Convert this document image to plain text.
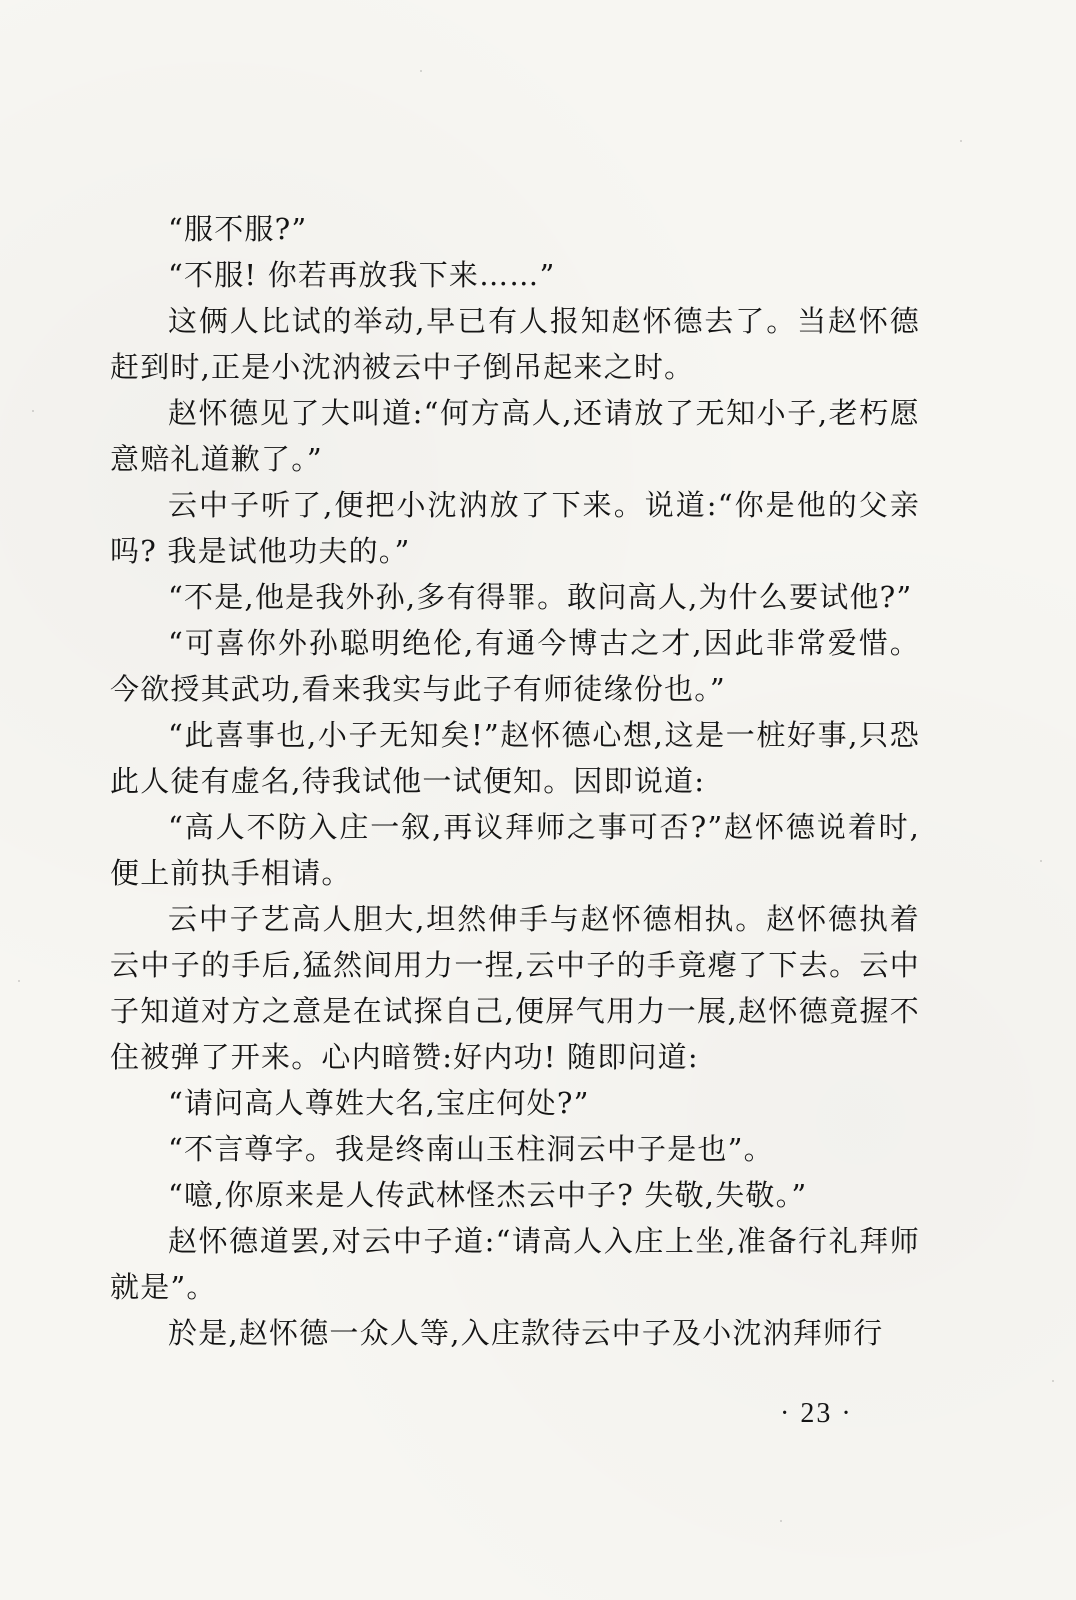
“服不服?”

“不服! 你若再放我下来……”

这俩人比试的举动,早已有人报知赵怀德去了。当赵怀德赶到时,正是小沈汭被云中子倒吊起来之时。

赵怀德见了大叫道:“何方高人,还请放了无知小子,老朽愿意赔礼道歉了。”

云中子听了,便把小沈汭放了下来。说道:“你是他的父亲吗? 我是试他功夫的。”

“不是,他是我外孙,多有得罪。敢问高人,为什么要试他?”

“可喜你外孙聪明绝伦,有通今博古之才,因此非常爱惜。今欲授其武功,看来我实与此子有师徒缘份也。”

“此喜事也,小子无知矣!”赵怀德心想,这是一桩好事,只恐此人徒有虚名,待我试他一试便知。因即说道:

“高人不防入庄一叙,再议拜师之事可否?”赵怀德说着时,便上前执手相请。

云中子艺高人胆大,坦然伸手与赵怀德相执。赵怀德执着云中子的手后,猛然间用力一捏,云中子的手竟瘪了下去。云中子知道对方之意是在试探自己,便屏气用力一展,赵怀德竟握不住被弹了开来。心内暗赞:好内功! 随即问道:

“请问高人尊姓大名,宝庄何处?”

“不言尊字。我是终南山玉柱洞云中子是也”。

“噫,你原来是人传武林怪杰云中子? 失敬,失敬。”

赵怀德道罢,对云中子道:“请高人入庄上坐,准备行礼拜师就是”。

於是,赵怀德一众人等,入庄款待云中子及小沈汭拜师行

· 23 ·
